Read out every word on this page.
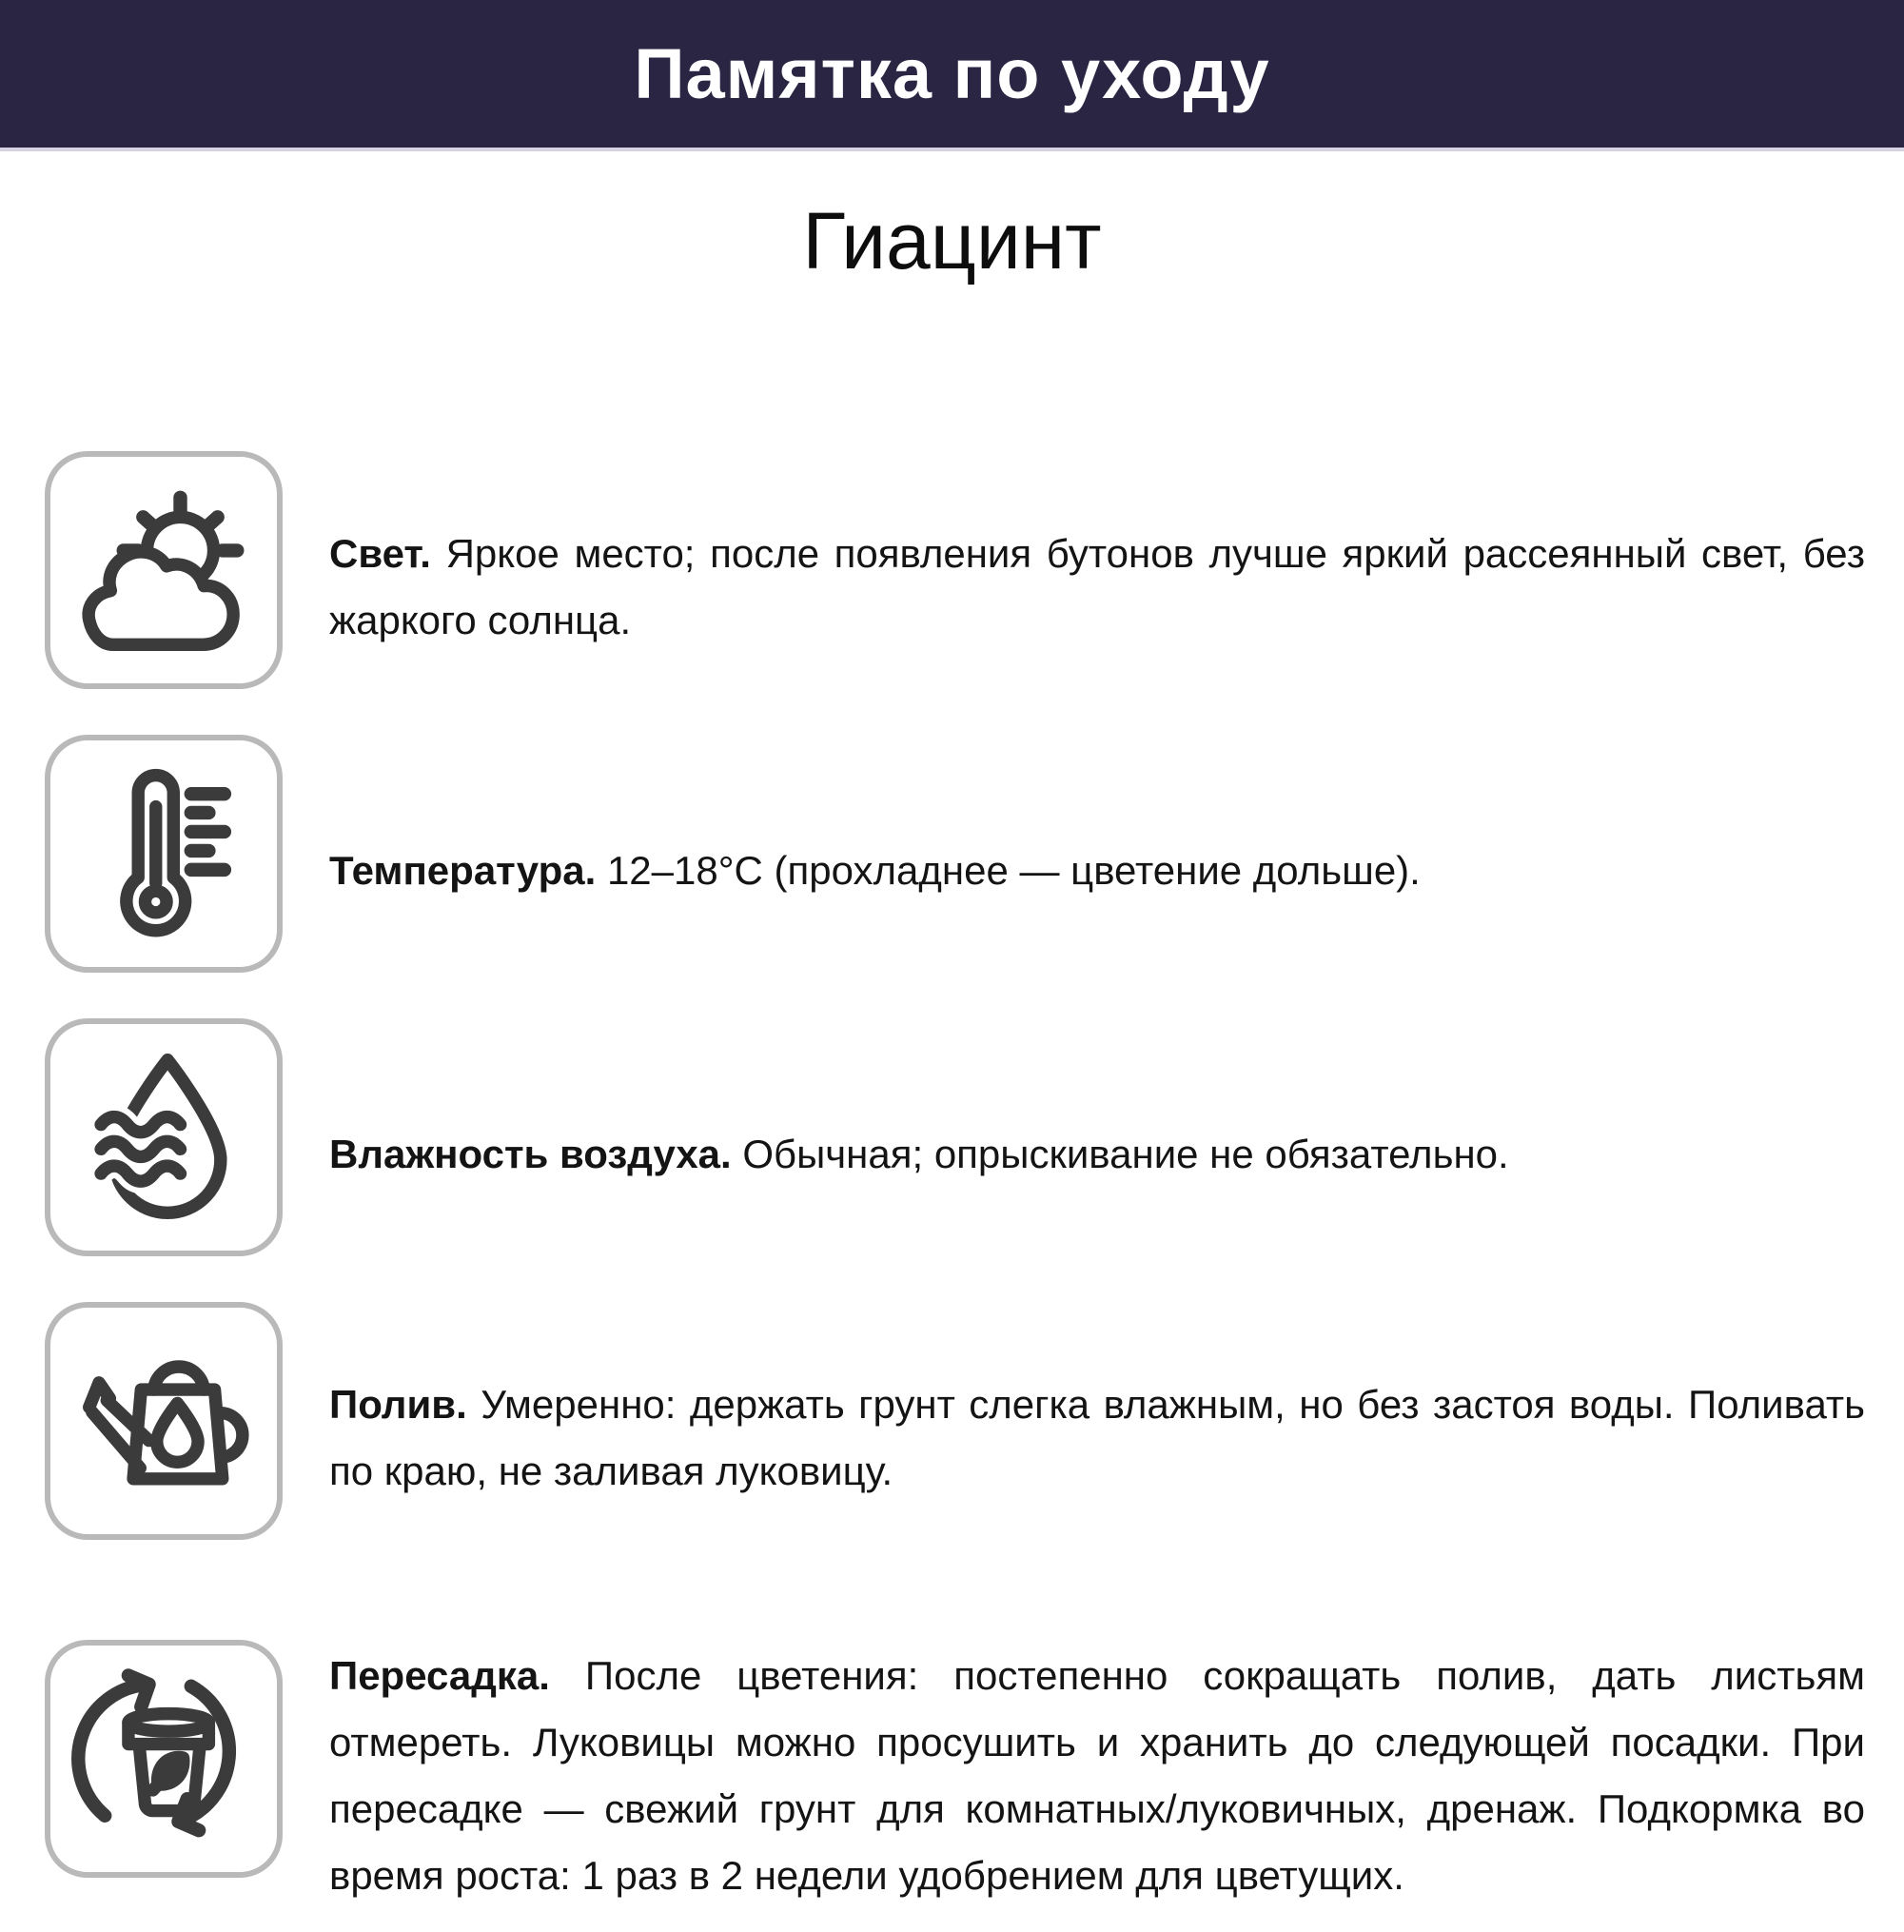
Памятка по уходу
Гиацинт

Свет. Яркое место; после появления бутонов лучше яркий рассеянный свет, без жаркого солнца.

Температура. 12–18°C (прохладнее — цветение дольше).

Влажность воздуха. Обычная; опрыскивание не обязательно.

Полив. Умеренно: держать грунт слегка влажным, но без застоя воды. Поливать по краю, не заливая луковицу.

Пересадка. После цветения: постепенно сокращать полив, дать листьям отмереть. Луковицы можно просушить и хранить до следующей посадки. При пересадке — свежий грунт для комнатных/луковичных, дренаж. Подкормка во время роста: 1 раз в 2 недели удобрением для цветущих.
